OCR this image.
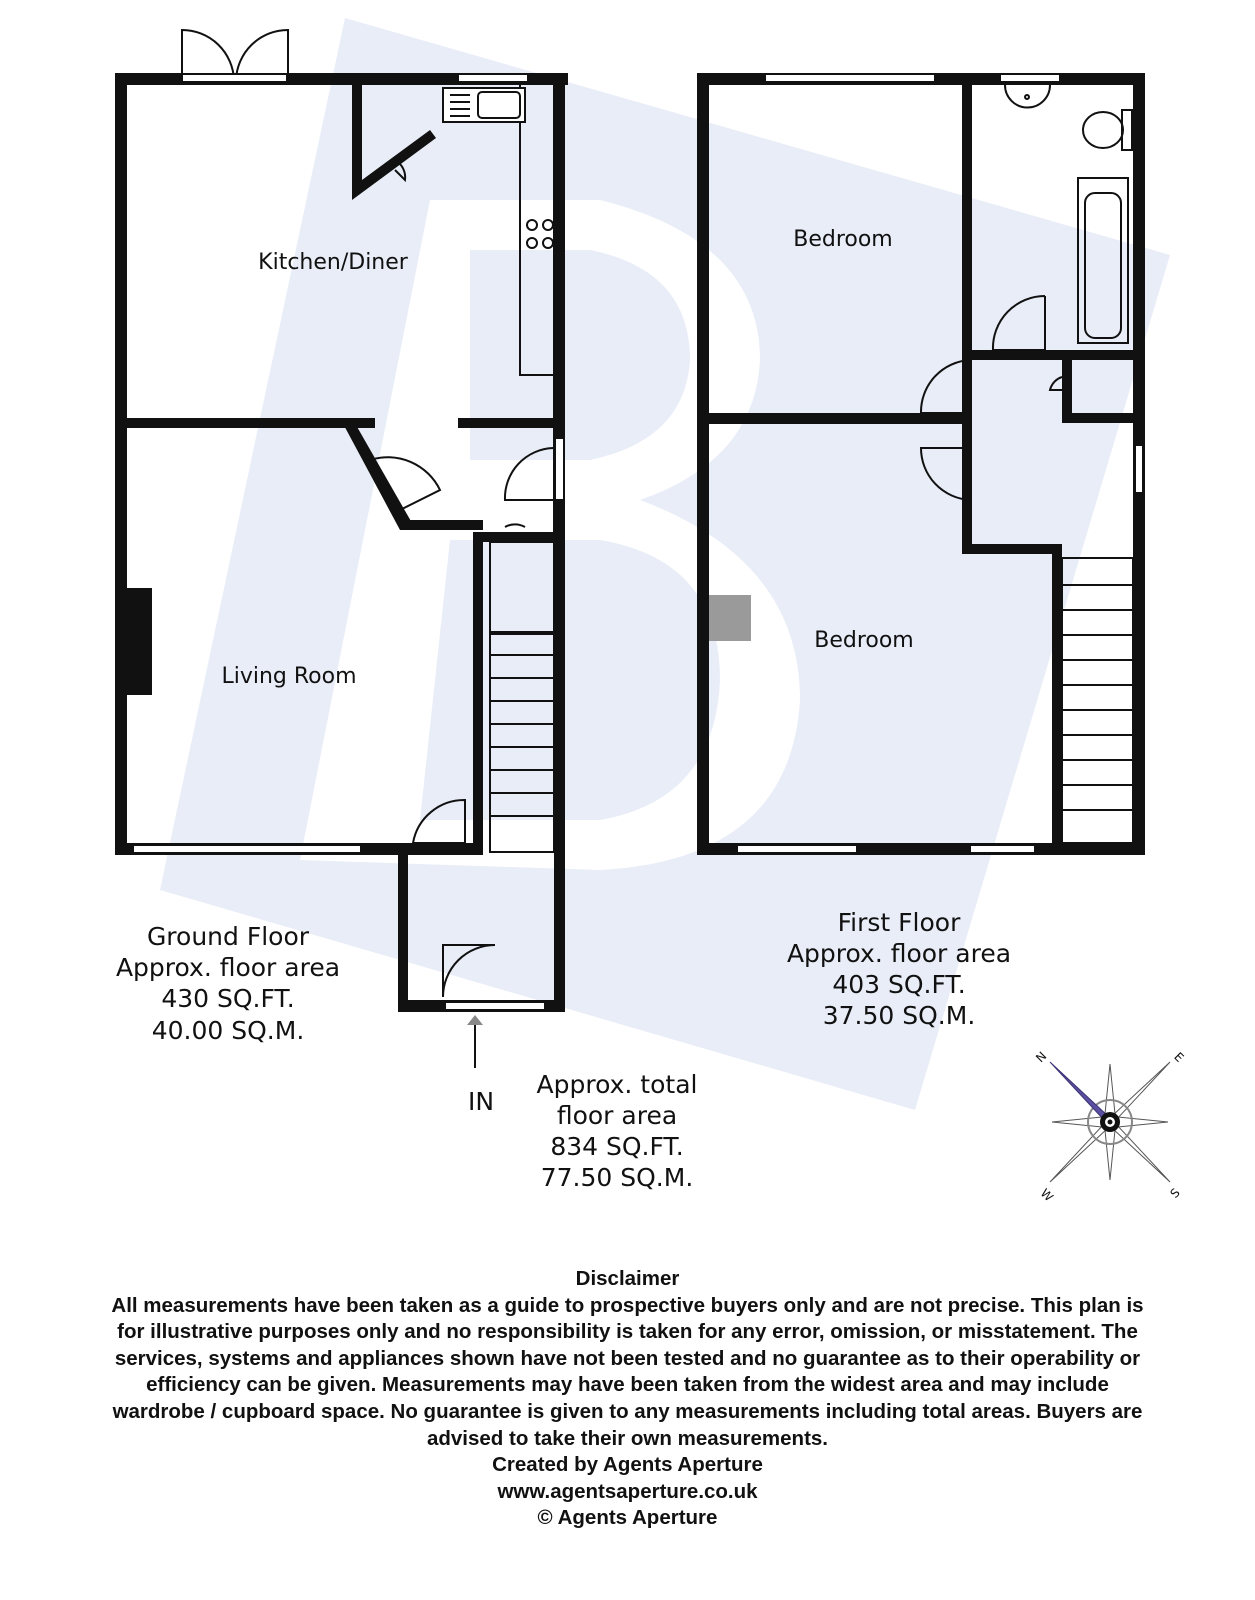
Kitchen/Diner
Living Room
Bedroom
Bedroom
Ground Floor
Approx. floor area
430 SQ.FT.
40.00 SQ.M.
First Floor
Approx. floor area
403 SQ.FT.
37.50 SQ.M.
Approx. total
floor area
834 SQ.FT.
77.50 SQ.M.
IN
N	E
S
W
Disclaimer
All measurements have been taken as a guide to prospective buyers only and are not precise. This plan is
for illustrative purposes only and no responsibility is taken for any error, omission, or misstatement. The
services, systems and appliances shown have not been tested and no guarantee as to their operability or
efficiency can be given. Measurements may have been taken from the widest area and may include
wardrobe / cupboard space. No guarantee is given to any measurements including total areas. Buyers are
advised to take their own measurements.
Created by Agents Aperture
www.agentsaperture.co.uk
© Agents Aperture
